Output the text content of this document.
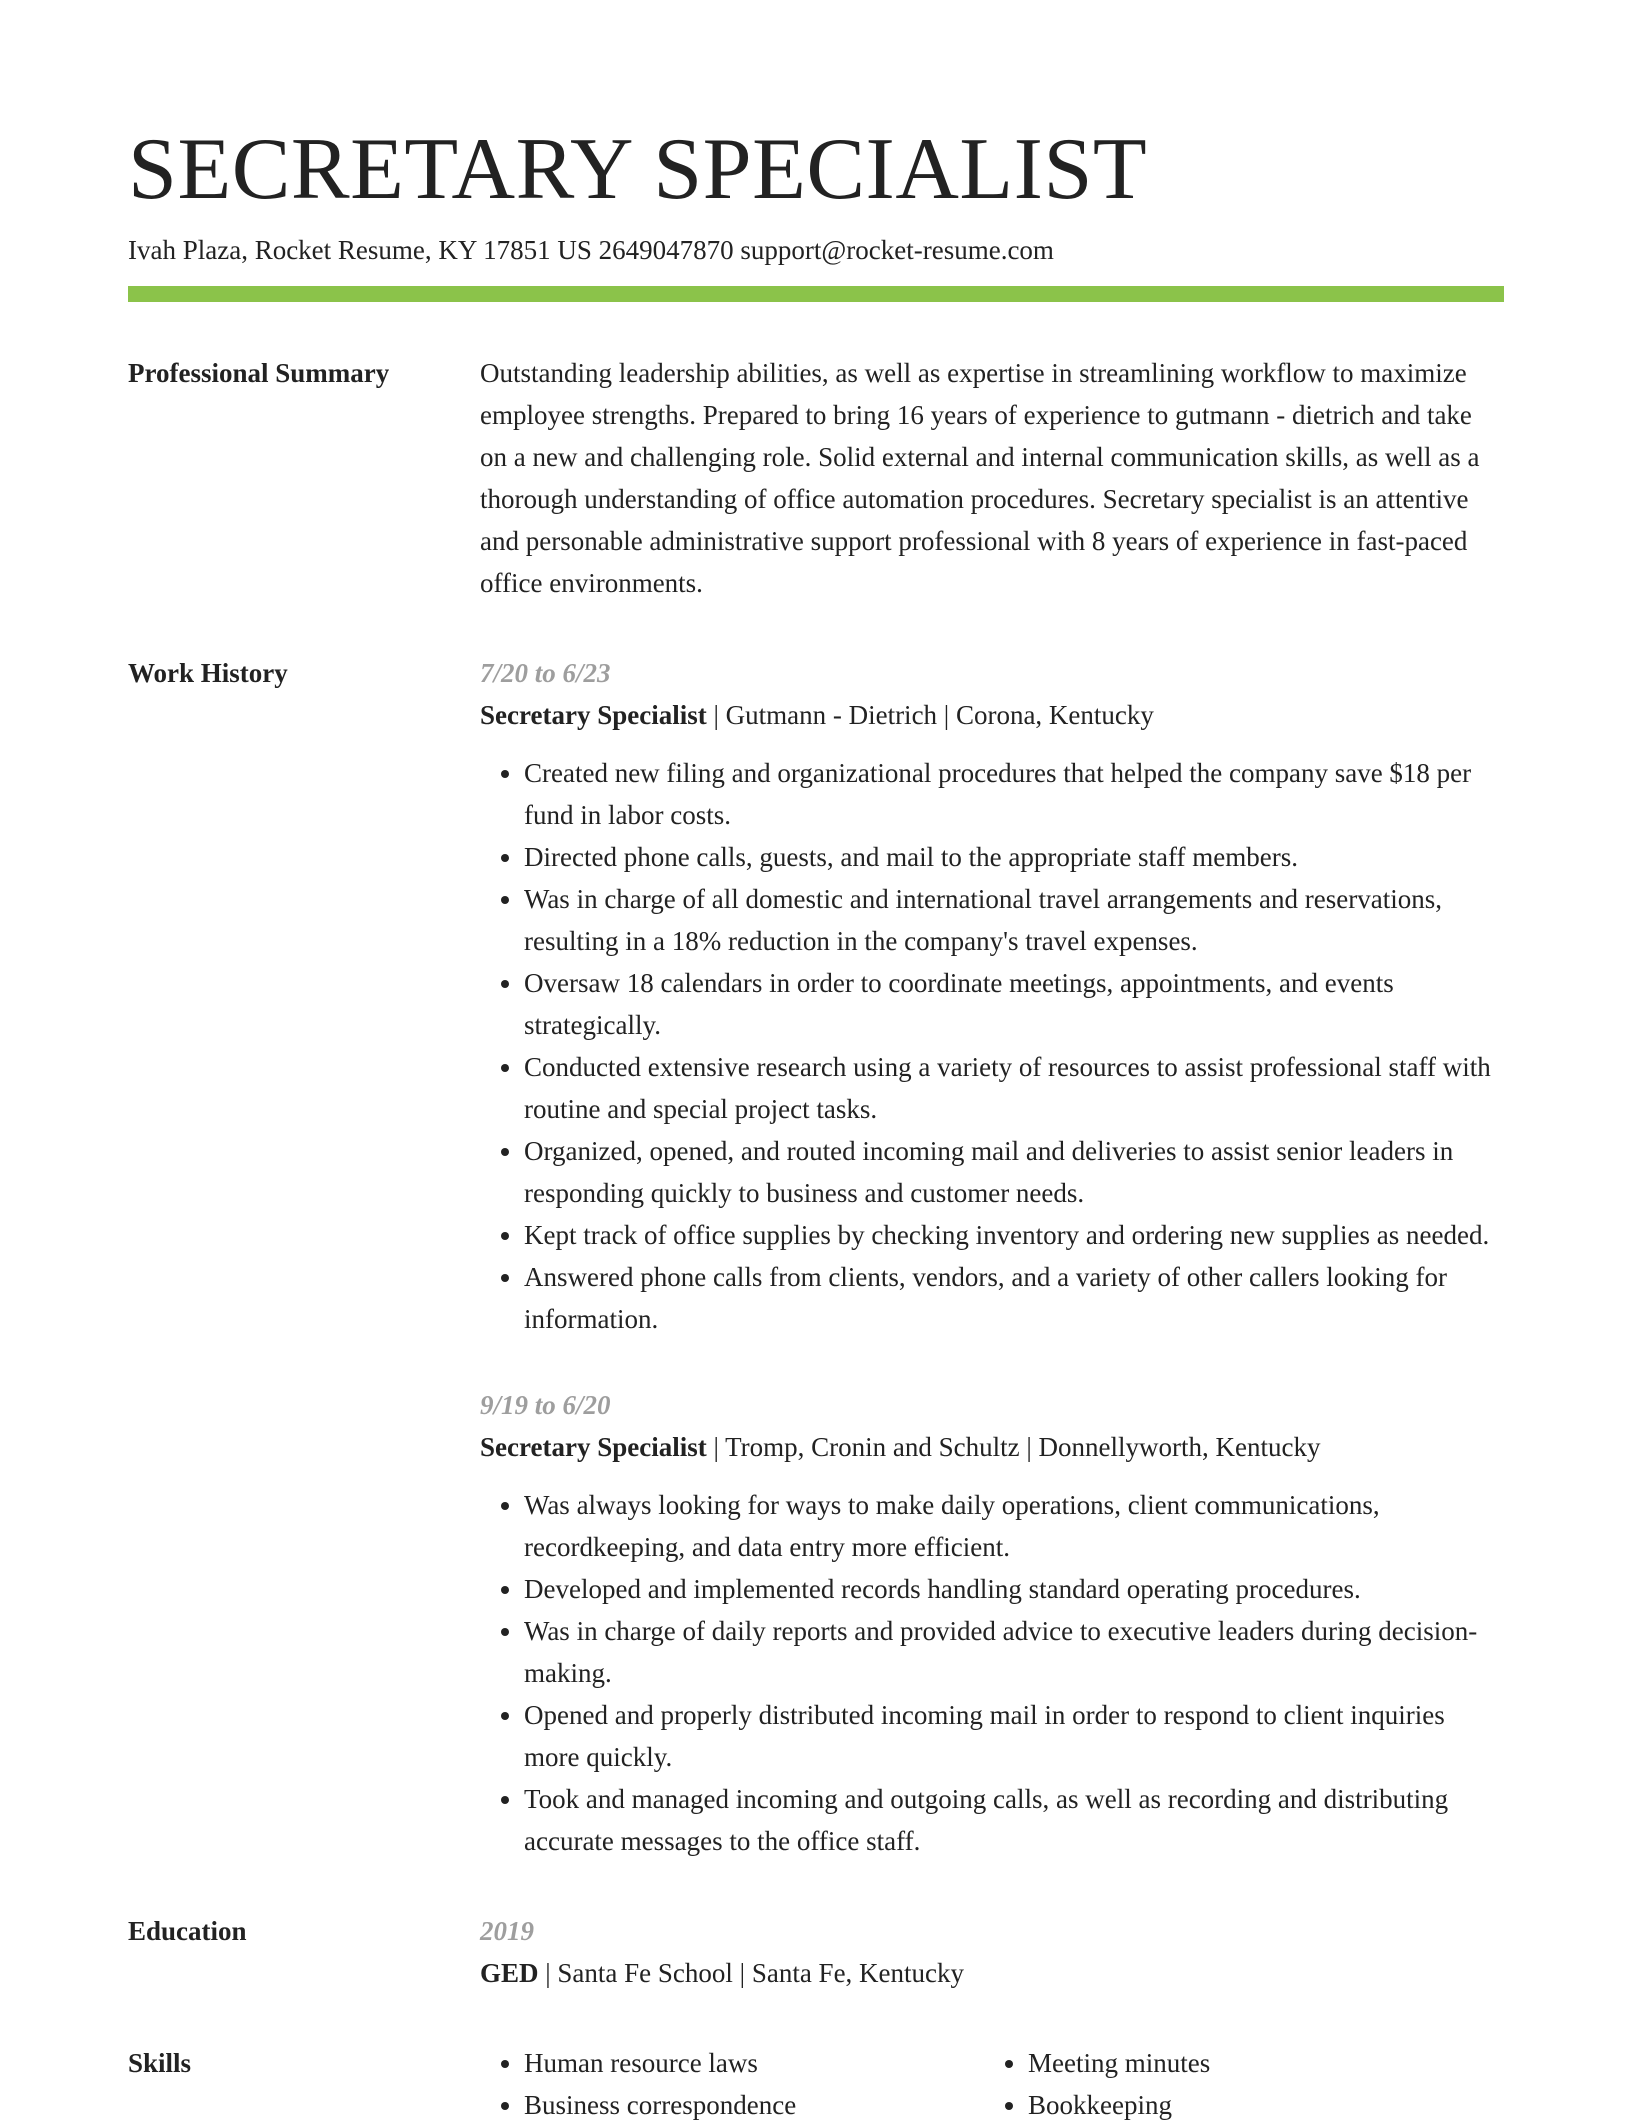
SECRETARY SPECIALIST

Ivah Plaza, Rocket Resume, KY 17851 US 2649047870 support@rocket-resume.com

Professional Summary	Outstanding leadership abilities, as well as expertise in streamlining workflow to maximize employee strengths. Prepared to bring 16 years of experience to gutmann - dietrich and take on a new and challenging role. Solid external and internal communication skills, as well as a thorough understanding of office automation procedures. Secretary specialist is an attentive and personable administrative support professional with 8 years of experience in fast-paced office environments.

Work History	7/20 to 6/23

Secretary Specialist | Gutmann - Dietrich | Corona, Kentucky

• Created new filing and organizational procedures that helped the company save $18 per fund in labor costs.
• Directed phone calls, guests, and mail to the appropriate staff members.
• Was in charge of all domestic and international travel arrangements and reservations, resulting in a 18% reduction in the company's travel expenses.
• Oversaw 18 calendars in order to coordinate meetings, appointments, and events strategically.
• Conducted extensive research using a variety of resources to assist professional staff with routine and special project tasks.
• Organized, opened, and routed incoming mail and deliveries to assist senior leaders in responding quickly to business and customer needs.
• Kept track of office supplies by checking inventory and ordering new supplies as needed.
• Answered phone calls from clients, vendors, and a variety of other callers looking for information.

9/19 to 6/20

Secretary Specialist | Tromp, Cronin and Schultz | Donnellyworth, Kentucky

• Was always looking for ways to make daily operations, client communications, recordkeeping, and data entry more efficient.
• Developed and implemented records handling standard operating procedures.
• Was in charge of daily reports and provided advice to executive leaders during decision-making.
• Opened and properly distributed incoming mail in order to respond to client inquiries more quickly.
• Took and managed incoming and outgoing calls, as well as recording and distributing accurate messages to the office staff.
Education	2019

GED | Santa Fe School | Santa Fe, Kentucky

Skills
•	Human resource laws
• Business correspondence
• Meeting minutes
• Bookkeeping
